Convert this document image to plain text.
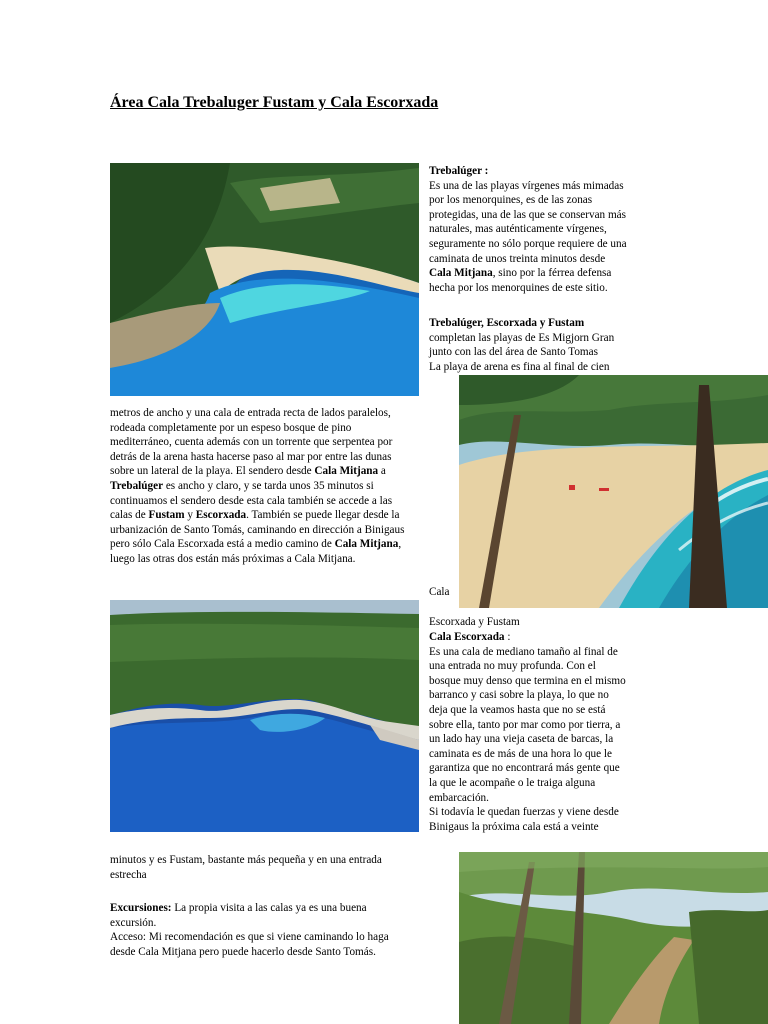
Área Cala Trebaluger Fustam y Cala Escorxada
Trebalúger :
Es una de las playas vírgenes más mimadas
por los menorquines, es de las zonas
protegidas, una de las que se conservan más
naturales, mas auténticamente vírgenes,
seguramente no sólo porque requiere de una
caminata de unos treinta minutos desde
Cala Mitjana, sino por la férrea defensa
hecha por los menorquines de este sitio.
Trebalúger, Escorxada y Fustam
completan las playas de Es Migjorn Gran
junto con las del área de Santo Tomas
La playa de arena es fina al final de cien
metros de ancho y una cala de entrada recta de lados paralelos,
rodeada completamente por un espeso bosque de pino
mediterráneo, cuenta además con un torrente que serpentea por
detrás de la arena hasta hacerse paso al mar por entre las dunas
sobre un lateral de la playa. El sendero desde Cala Mitjana a
Trebalúger es ancho y claro, y se tarda unos 35 minutos si
continuamos el sendero desde esta cala también se accede a las
calas de Fustam y Escorxada. También se puede llegar desde la
urbanización de Santo Tomás, caminando en dirección a Binigaus
pero sólo Cala Escorxada está a medio camino de Cala Mitjana,
luego las otras dos están más próximas a Cala Mitjana.
Cala
Escorxada y Fustam
Cala Escorxada :
Es una cala de mediano tamaño al final de
una entrada no muy profunda. Con el
bosque muy denso que termina en el mismo
barranco y casi sobre la playa, lo que no
deja que la veamos hasta que no se está
sobre ella, tanto por mar como por tierra, a
un lado hay una vieja caseta de barcas, la
caminata es de más de una hora lo que le
garantiza que no encontrará más gente que
la que le acompañe o le traiga alguna
embarcación.
Si todavía le quedan fuerzas y viene desde
Binigaus la próxima cala está a veinte
minutos y es Fustam, bastante más pequeña y en una entrada
estrecha
Excursiones: La propia visita a las calas ya es una buena
excursión.
Acceso: Mi recomendación es que si viene caminando lo haga
desde Cala Mitjana pero puede hacerlo desde Santo Tomás.
